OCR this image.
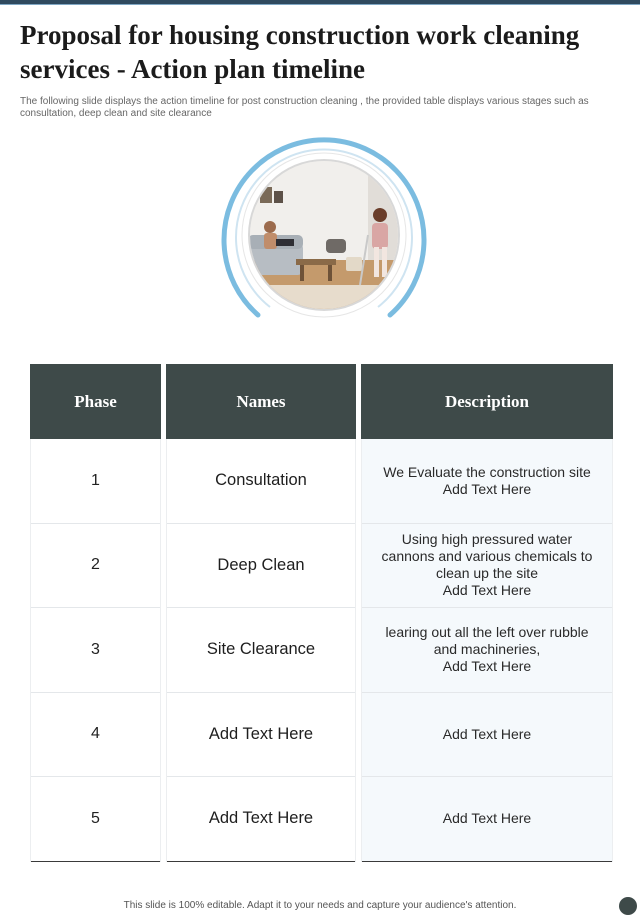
Proposal for housing construction work cleaning services - Action plan timeline

The following slide displays the action timeline for post construction cleaning , the provided table displays various stages such as consultation, deep clean and site clearance

Phase
1
2
3
4
5
Names
Consultation
Deep Clean
Site Clearance
Add Text Here
Add Text Here
Description
We Evaluate the construction site
Add Text Here
Using high pressured water
cannons and various chemicals to
clean up the site
Add Text Here
learing out all the left over rubble
and machineries,
Add Text Here
Add Text Here
Add Text Here
This slide is 100% editable. Adapt it to your needs and capture your audience's attention.
